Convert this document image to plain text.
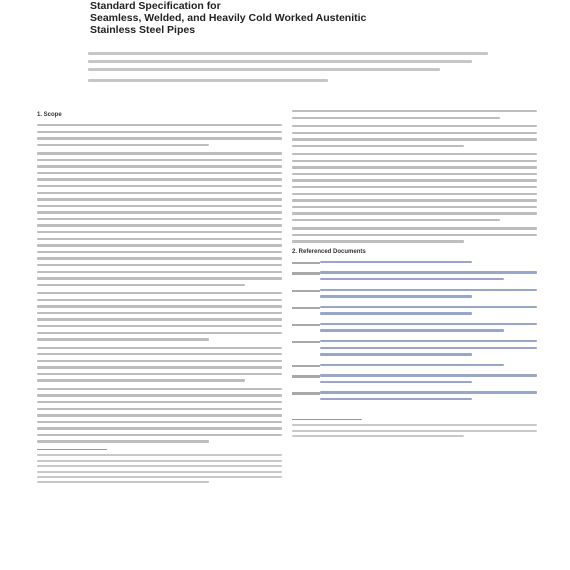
Standard Specification for
Seamless, Welded, and Heavily Cold Worked Austenitic
Stainless Steel Pipes
1. Scope
2. Referenced Documents
